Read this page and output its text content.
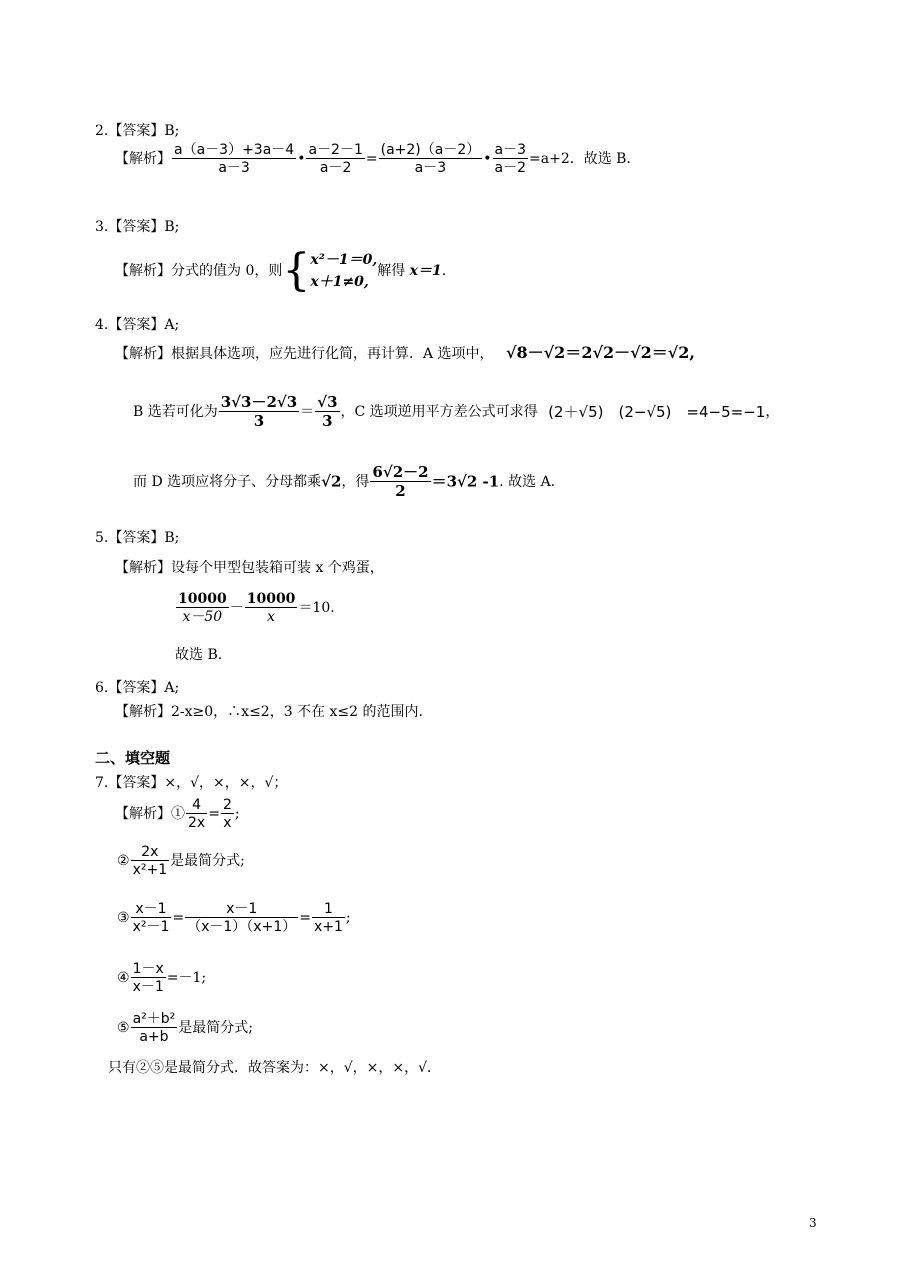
2.【答案】B;
【解析】 $\frac{a(a-3)+3a-4}{a-3}$ • $\frac{a-2-1}{a-2} = \frac{(a+2)(a-2)}{a-3}$ • $\frac{a-3}{a-2} =a+2$．故选 B．
3.【答案】B;
【解析】分式的值为 0，则{ x²－1＝0,
x＋1≠0,
解得 x＝1.
4.【答案】A;
【解析】根据具体选项，应先进行化简，再计算．A 选项中， √8－√2＝2√2－√2＝√2,
B 选若可化为 $\frac{3√3-2√3}{3} = \frac{√3}{3}$ ，C 选项逆用平方差公式可求得 (2＋√5)　(2−√5)　=4−5=−1，
而 D 选项应将分子、分母都乘√2，得 $\frac{6√2-2}{2} =3√2$ -1. 故选 A.
5.【答案】B;
【解析】设每个甲型包装箱可装 x 个鸡蛋，
$\frac{10000}{x-50} - \frac{10000}{x} =10$.
故选 B.
6.【答案】A;
【解析】2-x≥0，∴x≤2，3 不在 x≤2 的范围内.
二、填空题
7.【答案】×，√，×，×，√；
【解析】① $\frac{4}{2x} = \frac{2}{x}$ ;
② $\frac{2x}{\text{x²+1}}$ 是最简分式;
③ $\frac{x-1}{\text{x²－1}} = \frac{x-1}{(x-1)(x+1)} = \frac{1}{x+1}$ ;
④ $\frac{1-x}{x-1} =-1$;
⑤ $\frac{\text{a²＋b²}}{a+b}$ 是最简分式;
只有②⑤是最简分式．故答案为：×，√，×，×，√．
3
